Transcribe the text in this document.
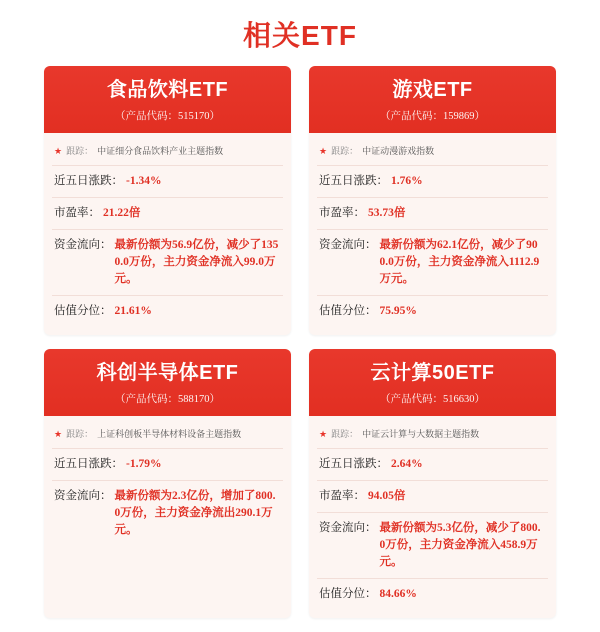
相关ETF
食品饮料ETF
（产品代码：515170）
★ 跟踪： 中证细分食品饮料产业主题指数
近五日涨跌： -1.34%
市盈率： 21.22倍
资金流向： 最新份额为56.9亿份，减少了1350.0万份，主力资金净流入99.0万元。
估值分位： 21.61%
游戏ETF
（产品代码：159869）
★ 跟踪： 中证动漫游戏指数
近五日涨跌： 1.76%
市盈率： 53.73倍
资金流向： 最新份额为62.1亿份，减少了900.0万份，主力资金净流入1112.9万元。
估值分位： 75.95%
科创半导体ETF
（产品代码：588170）
★ 跟踪： 上证科创板半导体材料设备主题指数
近五日涨跌： -1.79%
资金流向： 最新份额为2.3亿份，增加了800.0万份，主力资金净流出290.1万元。
云计算50ETF
（产品代码：516630）
★ 跟踪： 中证云计算与大数据主题指数
近五日涨跌： 2.64%
市盈率： 94.05倍
资金流向： 最新份额为5.3亿份，减少了800.0万份，主力资金净流入458.9万元。
估值分位： 84.66%
